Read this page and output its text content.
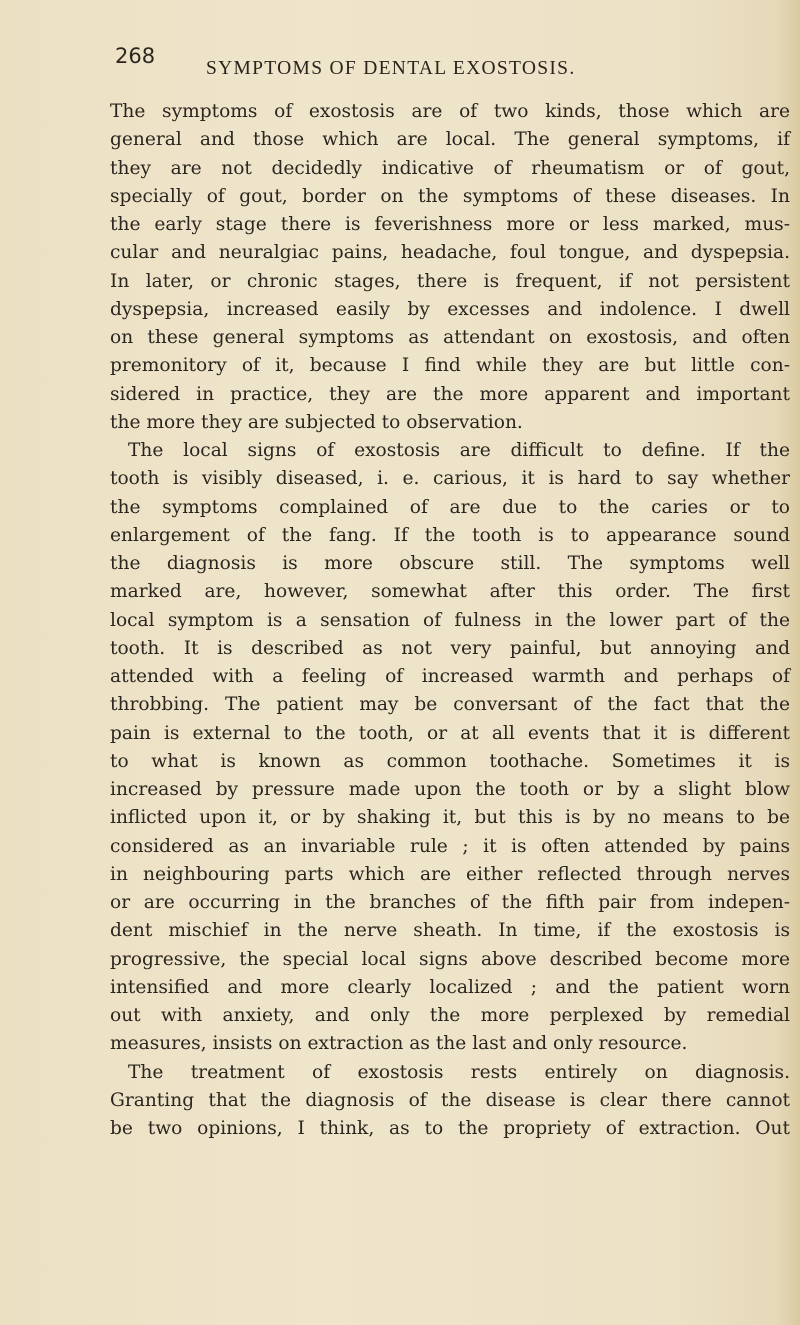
268
SYMPTOMS OF DENTAL EXOSTOSIS.
The symptoms of exostosis are of two kinds, those which are
general and those which are local. The general symptoms, if
they are not decidedly indicative of rheumatism or of gout,
specially of gout, border on the symptoms of these diseases. In
the early stage there is feverishness more or less marked, mus-
cular and neuralgiac pains, headache, foul tongue, and dyspepsia.
In later, or chronic stages, there is frequent, if not persistent
dyspepsia, increased easily by excesses and indolence. I dwell
on these general symptoms as attendant on exostosis, and often
premonitory of it, because I find while they are but little con-
sidered in practice, they are the more apparent and important
the more they are subjected to observation.
The local signs of exostosis are difficult to define. If the
tooth is visibly diseased, i. e. carious, it is hard to say whether
the symptoms complained of are due to the caries or to
enlargement of the fang. If the tooth is to appearance sound
the diagnosis is more obscure still. The symptoms well
marked are, however, somewhat after this order. The first
local symptom is a sensation of fulness in the lower part of the
tooth. It is described as not very painful, but annoying and
attended with a feeling of increased warmth and perhaps of
throbbing. The patient may be conversant of the fact that the
pain is external to the tooth, or at all events that it is different
to what is known as common toothache. Sometimes it is
increased by pressure made upon the tooth or by a slight blow
inflicted upon it, or by shaking it, but this is by no means to be
considered as an invariable rule ; it is often attended by pains
in neighbouring parts which are either reflected through nerves
or are occurring in the branches of the fifth pair from indepen-
dent mischief in the nerve sheath. In time, if the exostosis is
progressive, the special local signs above described become more
intensified and more clearly localized ; and the patient worn
out with anxiety, and only the more perplexed by remedial
measures, insists on extraction as the last and only resource.
The treatment of exostosis rests entirely on diagnosis.
Granting that the diagnosis of the disease is clear there cannot
be two opinions, I think, as to the propriety of extraction. Out
